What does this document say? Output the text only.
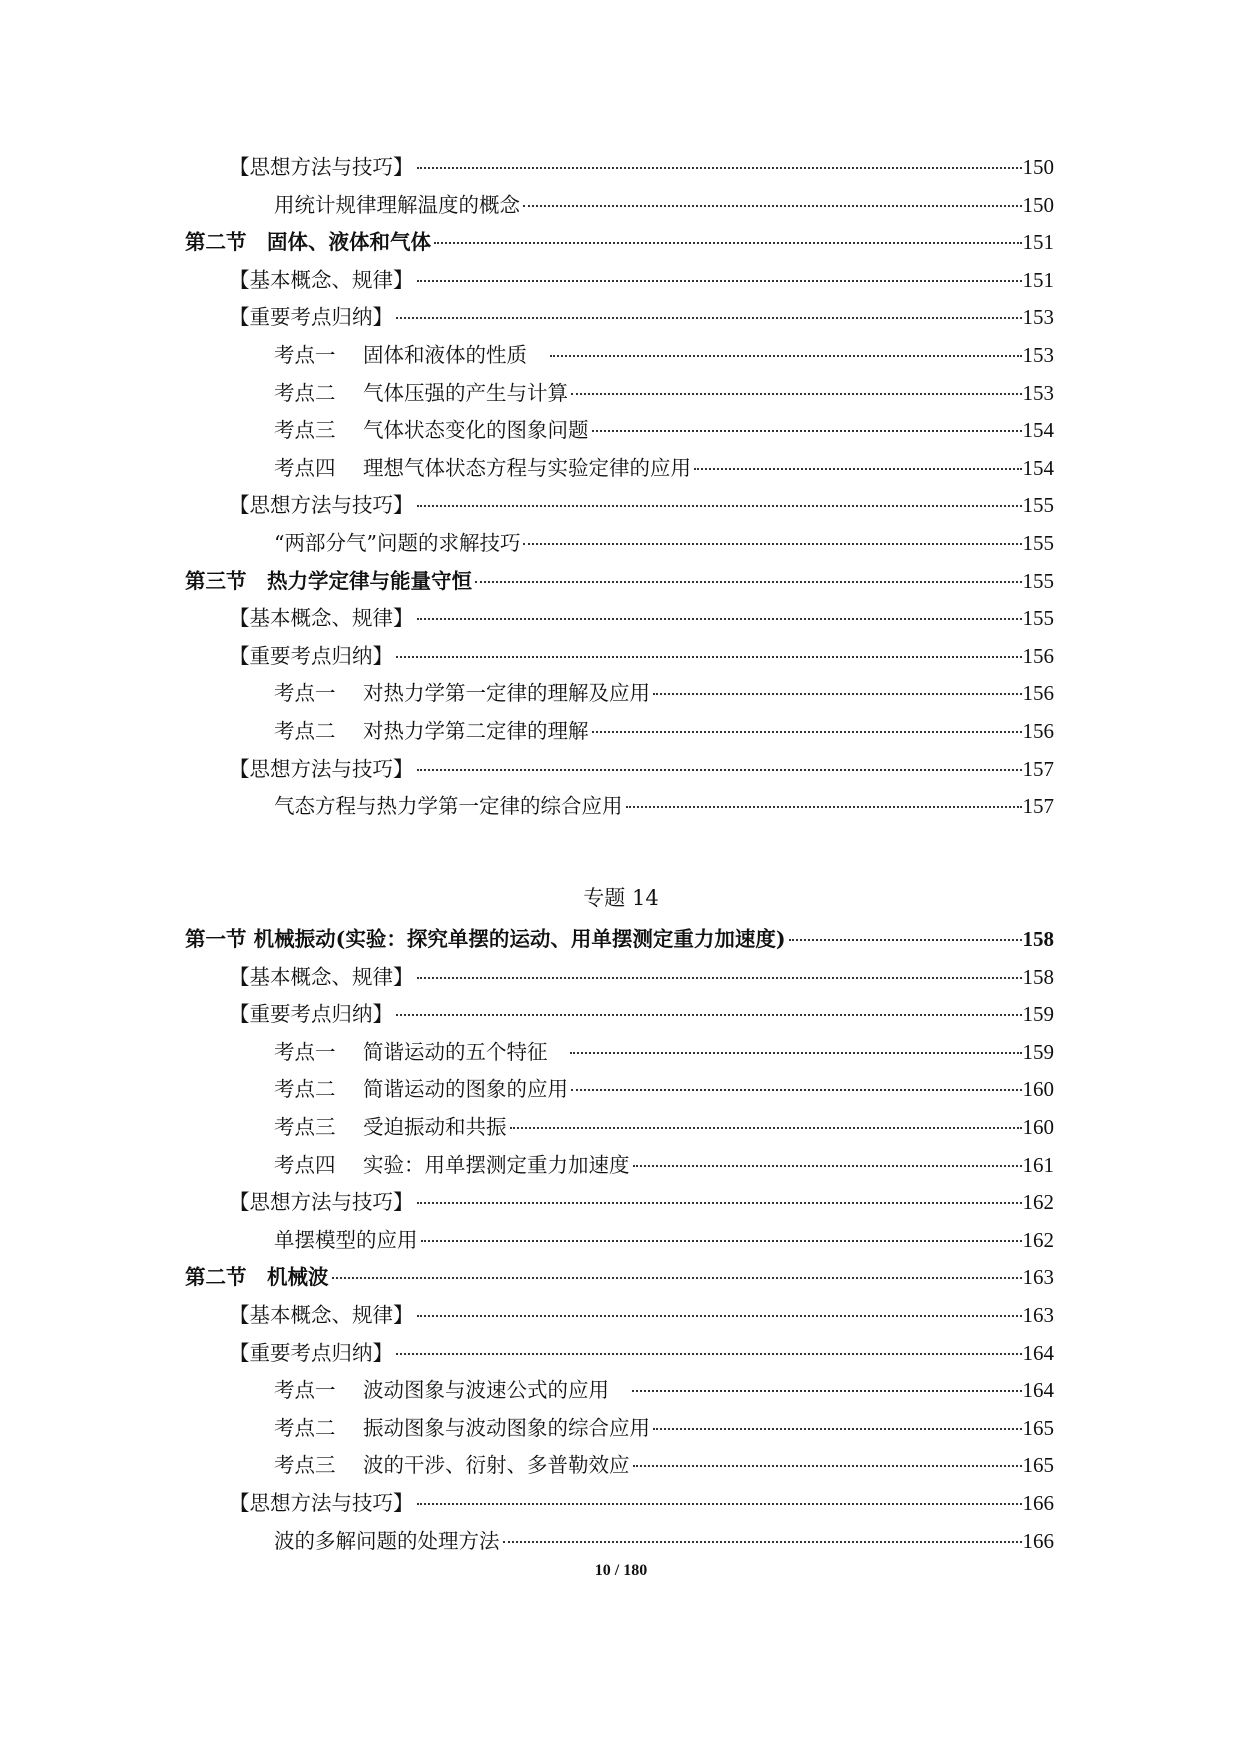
【思想方法与技巧】	150
用统计规律理解温度的概念	150
第二节　固体、液体和气体	151
【基本概念、规律】	151
【重要考点归纳】	153
考点一 固体和液体的性质	153
考点二 气体压强的产生与计算	153
考点三 气体状态变化的图象问题	154
考点四 理想气体状态方程与实验定律的应用	154
【思想方法与技巧】	155
“两部分气”问题的求解技巧	155
第三节　热力学定律与能量守恒	155
【基本概念、规律】	155
【重要考点归纳】	156
考点一 对热力学第一定律的理解及应用	156
考点二 对热力学第二定律的理解	156
【思想方法与技巧】	157
气态方程与热力学第一定律的综合应用	157
专题 14
第一节 机械振动(实验：探究单摆的运动、用单摆测定重力加速度)	158
【基本概念、规律】	158
【重要考点归纳】	159
考点一 简谐运动的五个特征	159
考点二 简谐运动的图象的应用	160
考点三 受迫振动和共振	160
考点四 实验：用单摆测定重力加速度	161
【思想方法与技巧】	162
单摆模型的应用	162
第二节　机械波	163
【基本概念、规律】	163
【重要考点归纳】	164
考点一 波动图象与波速公式的应用	164
考点二 振动图象与波动图象的综合应用	165
考点三 波的干涉、衍射、多普勒效应	165
【思想方法与技巧】	166
波的多解问题的处理方法	166
10 / 180
